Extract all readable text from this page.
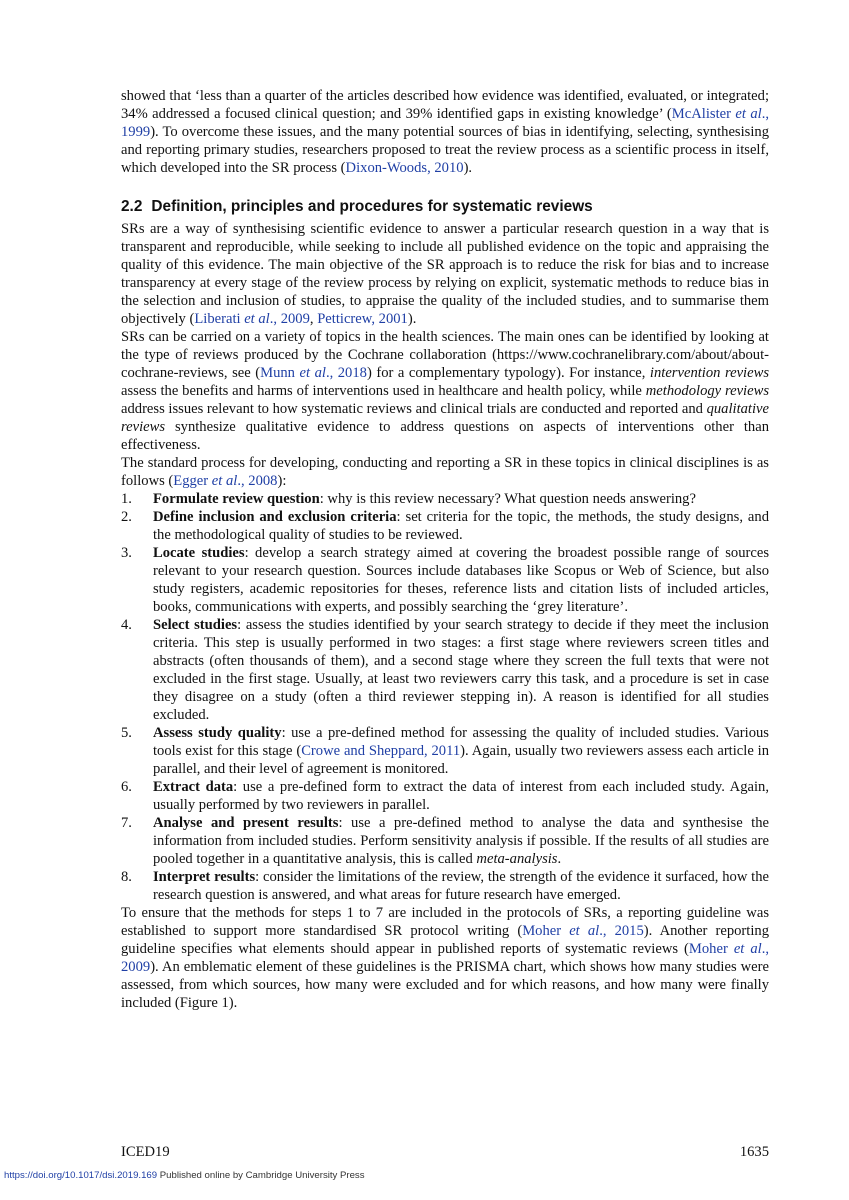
showed that ‘less than a quarter of the articles described how evidence was identified, evaluated, or integrated; 34% addressed a focused clinical question; and 39% identified gaps in existing knowledge’ (McAlister et al., 1999). To overcome these issues, and the many potential sources of bias in identifying, selecting, synthesising and reporting primary studies, researchers proposed to treat the review process as a scientific process in itself, which developed into the SR process (Dixon-Woods, 2010).

2.2 Definition, principles and procedures for systematic reviews

SRs are a way of synthesising scientific evidence to answer a particular research question in a way that is transparent and reproducible, while seeking to include all published evidence on the topic and appraising the quality of this evidence. The main objective of the SR approach is to reduce the risk for bias and to increase transparency at every stage of the review process by relying on explicit, systematic methods to reduce bias in the selection and inclusion of studies, to appraise the quality of the included studies, and to summarise them objectively (Liberati et al., 2009, Petticrew, 2001).

SRs can be carried on a variety of topics in the health sciences. The main ones can be identified by looking at the type of reviews produced by the Cochrane collaboration (https://www.cochranelibrary.com/about/about-cochrane-reviews, see (Munn et al., 2018) for a complementary typology). For instance, intervention reviews assess the benefits and harms of interventions used in healthcare and health policy, while methodology reviews address issues relevant to how systematic reviews and clinical trials are conducted and reported and qualitative reviews synthesize qualitative evidence to address questions on aspects of interventions other than effectiveness.

The standard process for developing, conducting and reporting a SR in these topics in clinical disciplines is as follows (Egger et al., 2008):

1. Formulate review question: why is this review necessary? What question needs answering?
2. Define inclusion and exclusion criteria: set criteria for the topic, the methods, the study designs, and the methodological quality of studies to be reviewed.
3. Locate studies: develop a search strategy aimed at covering the broadest possible range of sources relevant to your research question. Sources include databases like Scopus or Web of Science, but also study registers, academic repositories for theses, reference lists and citation lists of included articles, books, communications with experts, and possibly searching the ‘grey literature’.
4. Select studies: assess the studies identified by your search strategy to decide if they meet the inclusion criteria. This step is usually performed in two stages: a first stage where reviewers screen titles and abstracts (often thousands of them), and a second stage where they screen the full texts that were not excluded in the first stage. Usually, at least two reviewers carry this task, and a procedure is set in case they disagree on a study (often a third reviewer stepping in). A reason is identified for all studies excluded.
5. Assess study quality: use a pre-defined method for assessing the quality of included studies. Various tools exist for this stage (Crowe and Sheppard, 2011). Again, usually two reviewers assess each article in parallel, and their level of agreement is monitored.
6. Extract data: use a pre-defined form to extract the data of interest from each included study. Again, usually performed by two reviewers in parallel.
7. Analyse and present results: use a pre-defined method to analyse the data and synthesise the information from included studies. Perform sensitivity analysis if possible. If the results of all studies are pooled together in a quantitative analysis, this is called meta-analysis.
8. Interpret results: consider the limitations of the review, the strength of the evidence it surfaced, how the research question is answered, and what areas for future research have emerged.

To ensure that the methods for steps 1 to 7 are included in the protocols of SRs, a reporting guideline was established to support more standardised SR protocol writing (Moher et al., 2015). Another reporting guideline specifies what elements should appear in published reports of systematic reviews (Moher et al., 2009). An emblematic element of these guidelines is the PRISMA chart, which shows how many studies were assessed, from which sources, how many were excluded and for which reasons, and how many were finally included (Figure 1).

ICED19	1635
https://doi.org/10.1017/dsi.2019.169 Published online by Cambridge University Press
